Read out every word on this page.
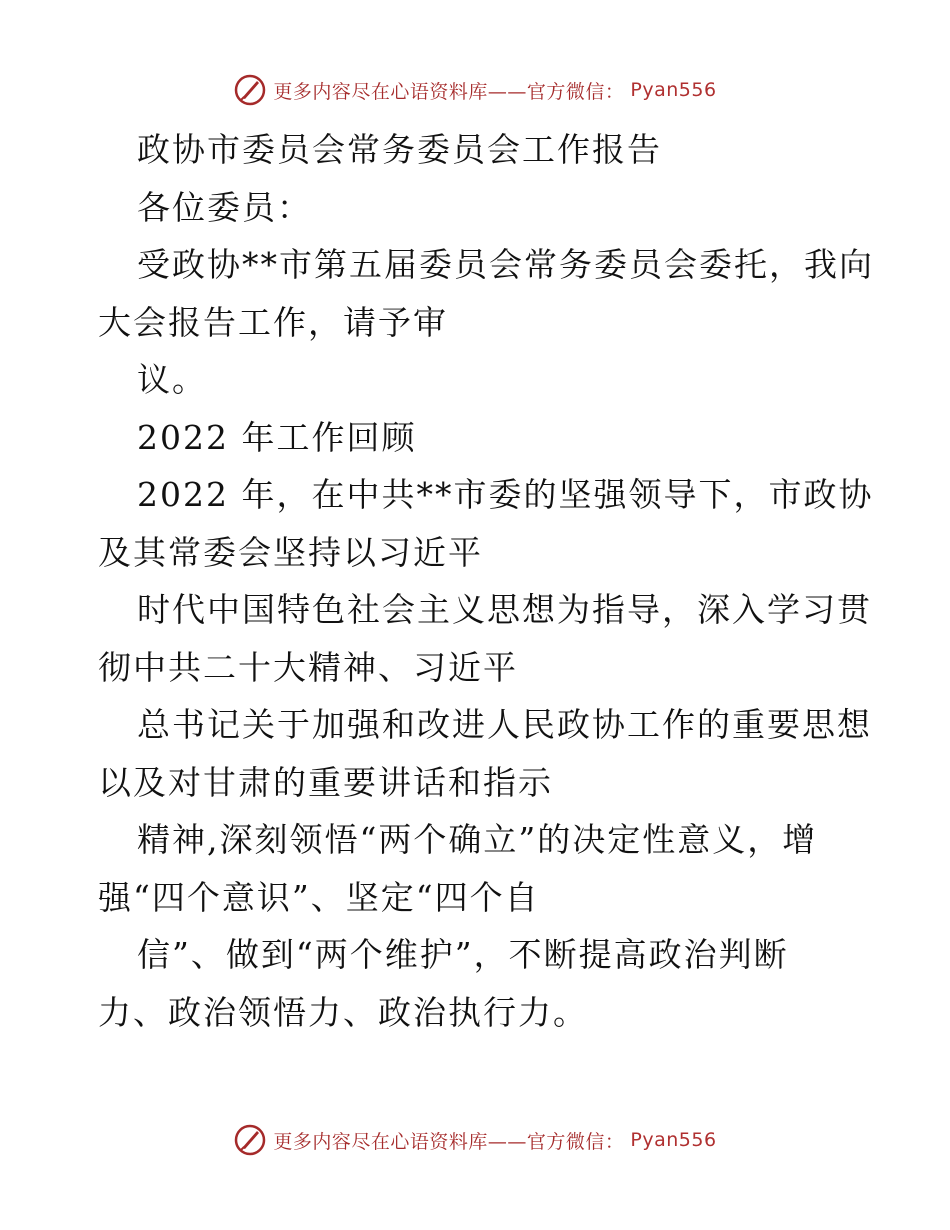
更多内容尽在心语资料库——官方微信： Pyan556
政协市委员会常务委员会工作报告
各位委员：
受政协**市第五届委员会常务委员会委托，我向
大会报告工作，请予审
议。
2022 年工作回顾
2022 年，在中共**市委的坚强领导下，市政协
及其常委会坚持以习近平
时代中国特色社会主义思想为指导，深入学习贯
彻中共二十大精神、习近平
总书记关于加强和改进人民政协工作的重要思想
以及对甘肃的重要讲话和指示
精神,深刻领悟“两个确立”的决定性意义，增
强“四个意识”、坚定“四个自
信”、做到“两个维护”，不断提高政治判断
力、政治领悟力、政治执行力。
更多内容尽在心语资料库——官方微信： Pyan556
